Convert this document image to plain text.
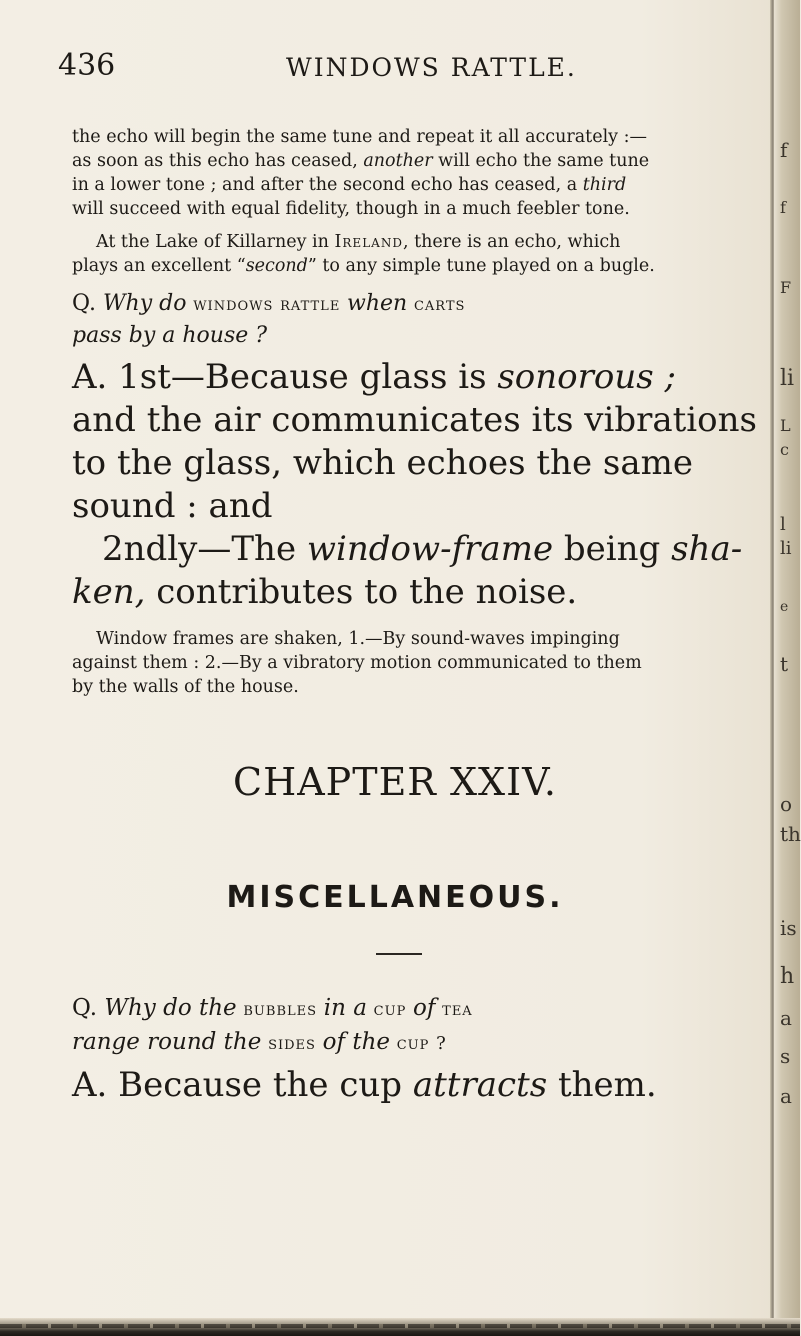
f
f
F
li
L
c
l
li
e
t
o
th
is
h
a
s
a
436	WINDOWS RATTLE.
the echo will begin the same tune and repeat it all accurately :—
as soon as this echo has ceased, another will echo the same tune
in a lower tone ; and after the second echo has ceased, a third
will succeed with equal fidelity, though in a much feebler tone.
At the Lake of Killarney in Ireland, there is an echo, which
plays an excellent “second” to any simple tune played on a bugle.
Q. Why do windows rattle when carts
pass by a house ?
A. 1st—Because glass is sonorous ;
and the air communicates its vibrations
to the glass, which echoes the same
sound : and
2ndly—The window-frame being sha-
ken, contributes to the noise.
Window frames are shaken, 1.—By sound-waves impinging
against them : 2.—By a vibratory motion communicated to them
by the walls of the house.
CHAPTER XXIV.
MISCELLANEOUS.
Q. Why do the bubbles in a cup of tea
range round the sides of the cup ?
A. Because the cup attracts them.
